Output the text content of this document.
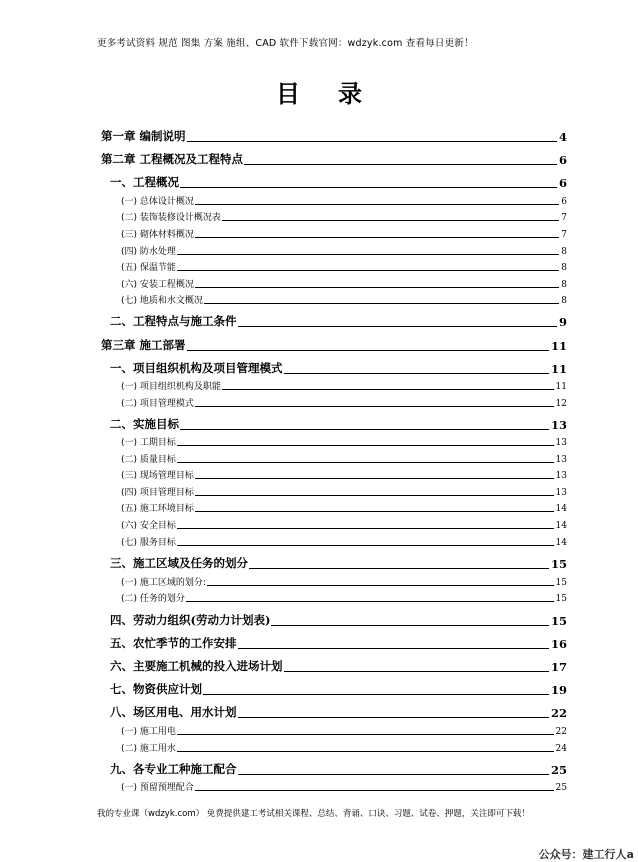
更多考试资料 规范 图集 方案 施组、CAD 软件下载官网：wdzyk.com 查看每日更新！
目录
第一章 编制说明	4
第二章 工程概况及工程特点	6
一、工程概况	6
(一) 总体设计概况	6
(二) 装饰装修设计概况表	7
(三) 砌体材料概况	7
(四) 防水处理	8
(五) 保温节能	8
(六) 安装工程概况	8
(七) 地质和水文概况	8
二、工程特点与施工条件	9
第三章 施工部署	11
一、项目组织机构及项目管理模式	11
(一) 项目组织机构及职能	11
(二) 项目管理模式	12
二、实施目标	13
(一) 工期目标	13
(二) 质量目标	13
(三) 现场管理目标	13
(四) 项目管理目标	13
(五) 施工环境目标	14
(六) 安全目标	14
(七) 服务目标	14
三、施工区域及任务的划分	15
(一) 施工区域的划分:	15
(二) 任务的划分	15
四、劳动力组织(劳动力计划表)	15
五、农忙季节的工作安排	16
六、主要施工机械的投入进场计划	17
七、物资供应计划	19
八、场区用电、用水计划	22
(一) 施工用电	22
(二) 施工用水	24
九、各专业工种施工配合	25
(一) 预留预埋配合	25
我的专业课（wdzyk.com） 免费提供建工考试相关课程、总结、背诵、口诀、习题、试卷、押题，关注即可下载！
公众号：建工行人a
